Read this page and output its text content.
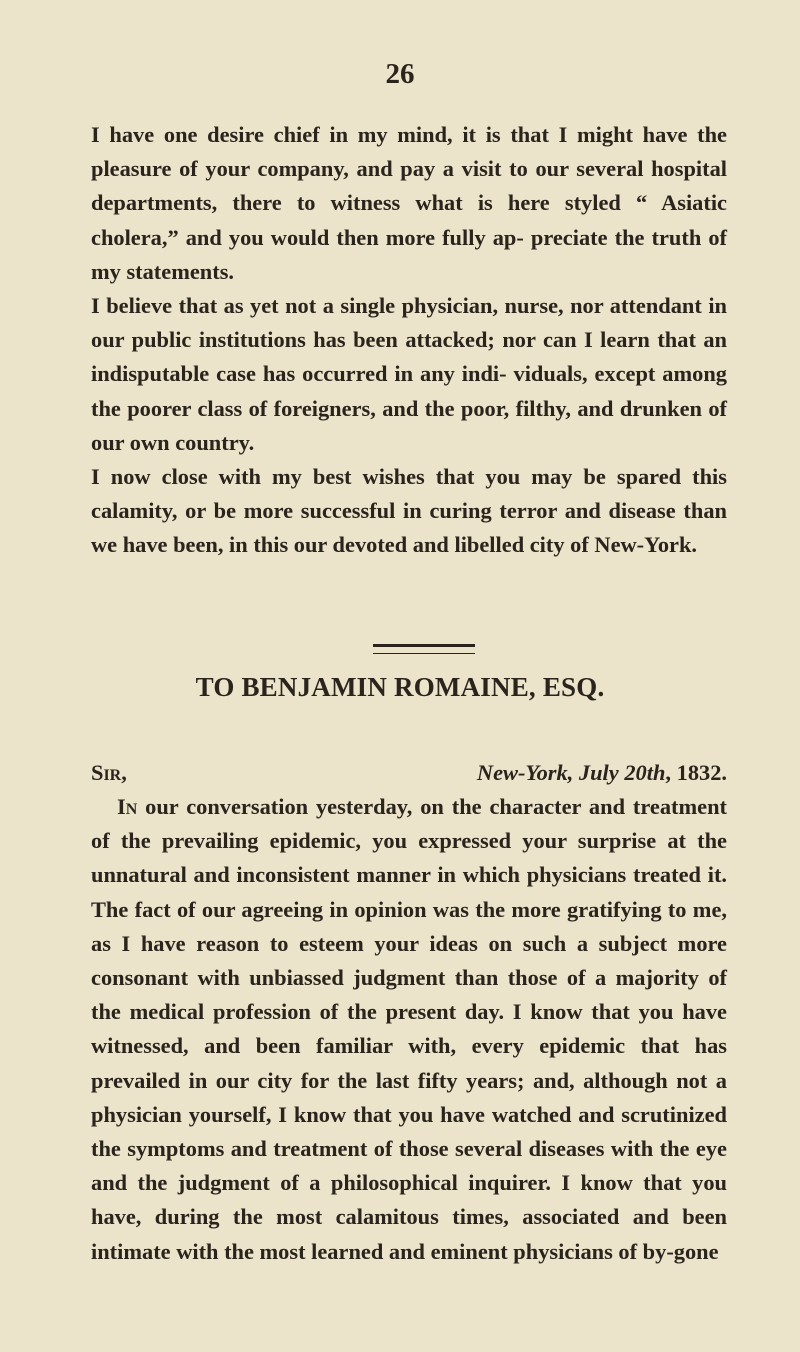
26

I have one desire chief in my mind, it is that I might have the pleasure of your company, and pay a visit to our several hospital departments, there to witness what is here styled “ Asiatic cholera,” and you would then more fully ap- preciate the truth of my statements.

I believe that as yet not a single physician, nurse, nor attendant in our public institutions has been attacked; nor can I learn that an indisputable case has occurred in any indi- viduals, except among the poorer class of foreigners, and the poor, filthy, and drunken of our own country.

I now close with my best wishes that you may be spared this calamity, or be more successful in curing terror and disease than we have been, in this our devoted and libelled city of New-York.

TO BENJAMIN ROMAINE, ESQ.
Sir,	New-York, July 20th, 1832.

In our conversation yesterday, on the character and treatment of the prevailing epidemic, you expressed your surprise at the unnatural and inconsistent manner in which physicians treated it. The fact of our agreeing in opinion was the more gratifying to me, as I have reason to esteem your ideas on such a subject more consonant with unbiassed judgment than those of a majority of the medical profession of the present day. I know that you have witnessed, and been familiar with, every epidemic that has prevailed in our city for the last fifty years; and, although not a physician yourself, I know that you have watched and scrutinized the symptoms and treatment of those several diseases with the eye and the judgment of a philosophical inquirer. I know that you have, during the most calamitous times, associated and been intimate with the most learned and eminent physicians of by-gone
